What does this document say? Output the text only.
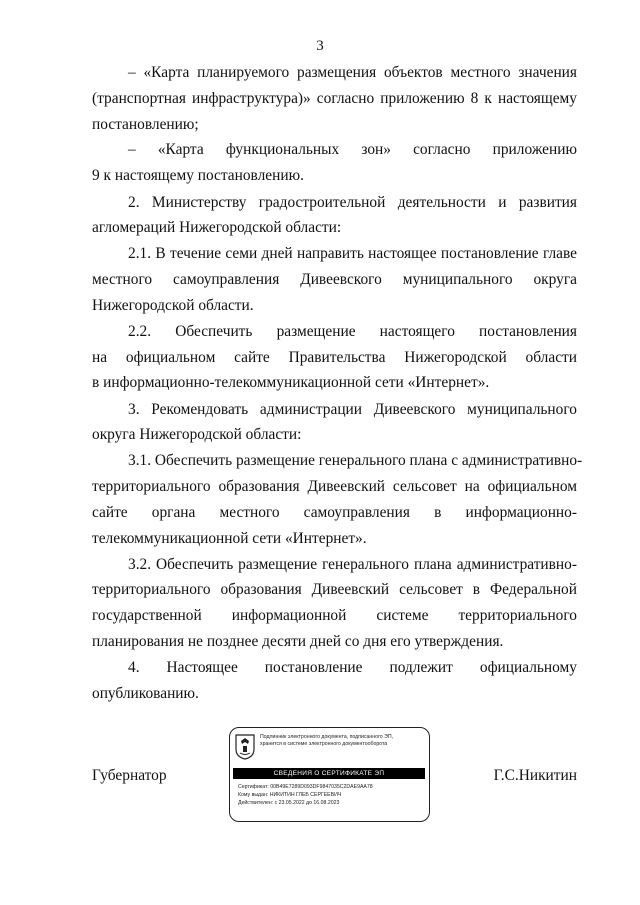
3
– «Карта планируемого размещения объектов местного значения
(транспортная инфраструктура)» согласно приложению 8 к настоящему
постановлению;
– «Карта функциональных зон» согласно приложению
9 к настоящему постановлению.
2. Министерству градостроительной деятельности и развития
агломераций Нижегородской области:
2.1. В течение семи дней направить настоящее постановление главе
местного самоуправления Дивеевского муниципального округа
Нижегородской области.
2.2. Обеспечить размещение настоящего постановления
на официальном сайте Правительства Нижегородской области
в информационно-телекоммуникационной сети «Интернет».
3. Рекомендовать администрации Дивеевского муниципального
округа Нижегородской области:
3.1. Обеспечить размещение генерального плана с административно-
территориального образования Дивеевский сельсовет на официальном
сайте органа местного самоуправления в информационно-
телекоммуникационной сети «Интернет».
3.2. Обеспечить размещение генерального плана административно-
территориального образования Дивеевский сельсовет в Федеральной
государственной информационной системе территориального
планирования не позднее десяти дней со дня его утверждения.
4. Настоящее постановление подлежит официальному
опубликованию.
Губернатор	Г.С.Никитин
Подлинник электронного документа, подписанного ЭП,
хранится в системе электронного документооборота
СВЕДЕНИЯ О СЕРТИФИКАТЕ ЭП
Сертификат: 00B49E7289D093DF9847035C2DAE9AA78
Кому выдан: НИКИТИН ГЛЕБ СЕРГЕЕВИЧ
Действителен: с 23.05.2022 до 16.08.2023
